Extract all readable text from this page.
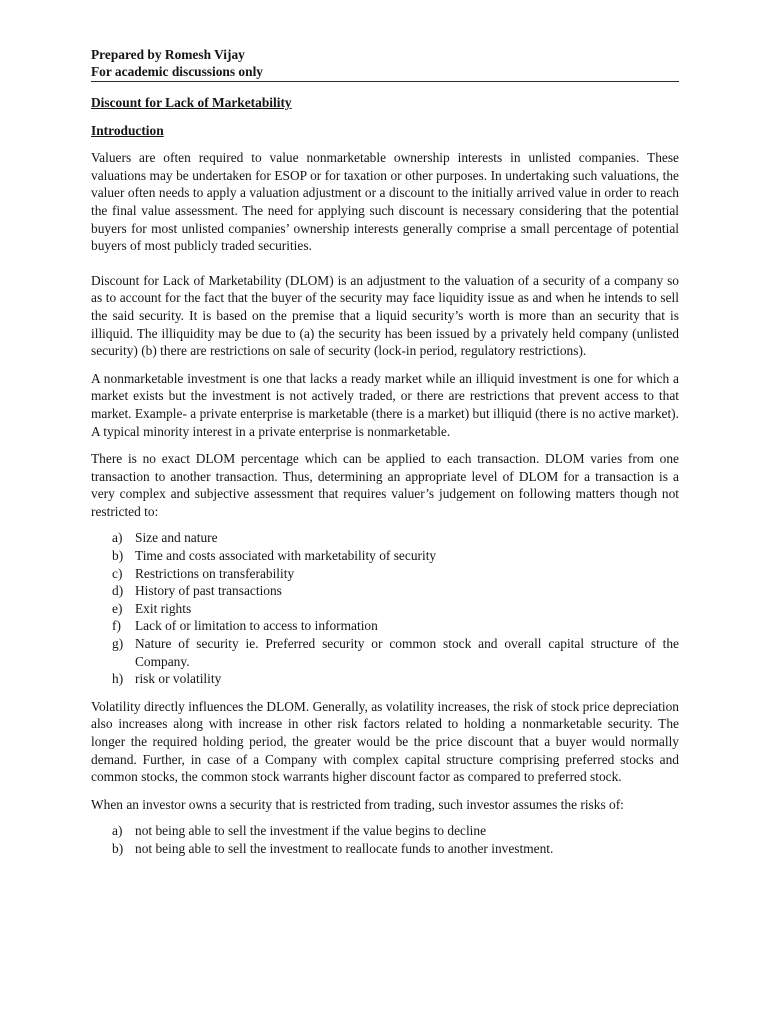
Prepared by Romesh Vijay
For academic discussions only
Discount for Lack of Marketability
Introduction

Valuers are often required to value nonmarketable ownership interests in unlisted companies. These valuations may be undertaken for ESOP or for taxation or other purposes. In undertaking such valuations, the valuer often needs to apply a valuation adjustment or a discount to the initially arrived value in order to reach the final value assessment. The need for applying such discount is necessary considering that the potential buyers for most unlisted companies’ ownership interests generally comprise a small percentage of potential buyers of most publicly traded securities.

Discount for Lack of Marketability (DLOM) is an adjustment to the valuation of a security of a company so as to account for the fact that the buyer of the security may face liquidity issue as and when he intends to sell the said security. It is based on the premise that a liquid security’s worth is more than an security that is illiquid. The illiquidity may be due to (a) the security has been issued by a privately held company (unlisted security) (b) there are restrictions on sale of security (lock-in period, regulatory restrictions).

A nonmarketable investment is one that lacks a ready market while an illiquid investment is one for which a market exists but the investment is not actively traded, or there are restrictions that prevent access to that market. Example- a private enterprise is marketable (there is a market) but illiquid (there is no active market). A typical minority interest in a private enterprise is nonmarketable.

There is no exact DLOM percentage which can be applied to each transaction. DLOM varies from one transaction to another transaction. Thus, determining an appropriate level of DLOM for a transaction is a very complex and subjective assessment that requires valuer’s judgement on following matters though not restricted to:

a) Size and nature
b) Time and costs associated with marketability of security
c) Restrictions on transferability
d) History of past transactions
e) Exit rights
f) Lack of or limitation to access to information
g) Nature of security ie. Preferred security or common stock and overall capital structure of the Company.
h) risk or volatility

Volatility directly influences the DLOM. Generally, as volatility increases, the risk of stock price depreciation also increases along with increase in other risk factors related to holding a nonmarketable security. The longer the required holding period, the greater would be the price discount that a buyer would normally demand. Further, in case of a Company with complex capital structure comprising preferred stocks and common stocks, the common stock warrants higher discount factor as compared to preferred stock.

When an investor owns a security that is restricted from trading, such investor assumes the risks of:

a) not being able to sell the investment if the value begins to decline
b) not being able to sell the investment to reallocate funds to another investment.
